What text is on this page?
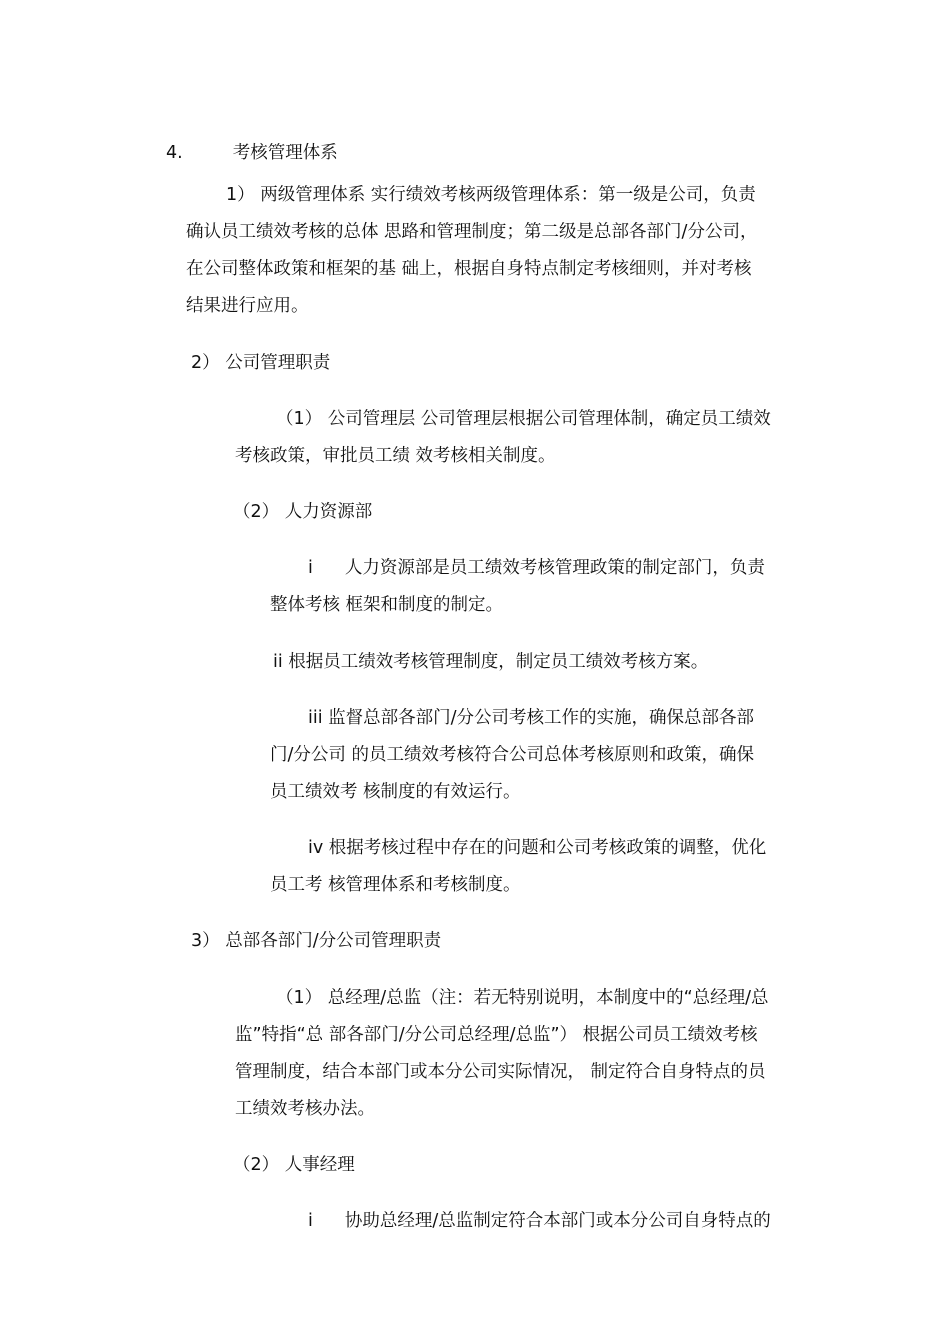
4.	考核管理体系
1） 两级管理体系 实行绩效考核两级管理体系：第一级是公司，负责
确认员工绩效考核的总体 思路和管理制度；第二级是总部各部门/分公司，
在公司整体政策和框架的基 础上，根据自身特点制定考核细则，并对考核
结果进行应用。
2） 公司管理职责
（1） 公司管理层 公司管理层根据公司管理体制，确定员工绩效
考核政策，审批员工绩 效考核相关制度。
（2） 人力资源部
i 人力资源部是员工绩效考核管理政策的制定部门，负责
整体考核 框架和制度的制定。
ii 根据员工绩效考核管理制度，制定员工绩效考核方案。
iii 监督总部各部门/分公司考核工作的实施，确保总部各部
门/分公司 的员工绩效考核符合公司总体考核原则和政策，确保
员工绩效考 核制度的有效运行。
iv 根据考核过程中存在的问题和公司考核政策的调整，优化
员工考 核管理体系和考核制度。
3） 总部各部门/分公司管理职责
（1） 总经理/总监（注：若无特别说明，本制度中的“总经理/总
监”特指“总 部各部门/分公司总经理/总监”） 根据公司员工绩效考核
管理制度，结合本部门或本分公司实际情况， 制定符合自身特点的员
工绩效考核办法。
（2） 人事经理
i 协助总经理/总监制定符合本部门或本分公司自身特点的
